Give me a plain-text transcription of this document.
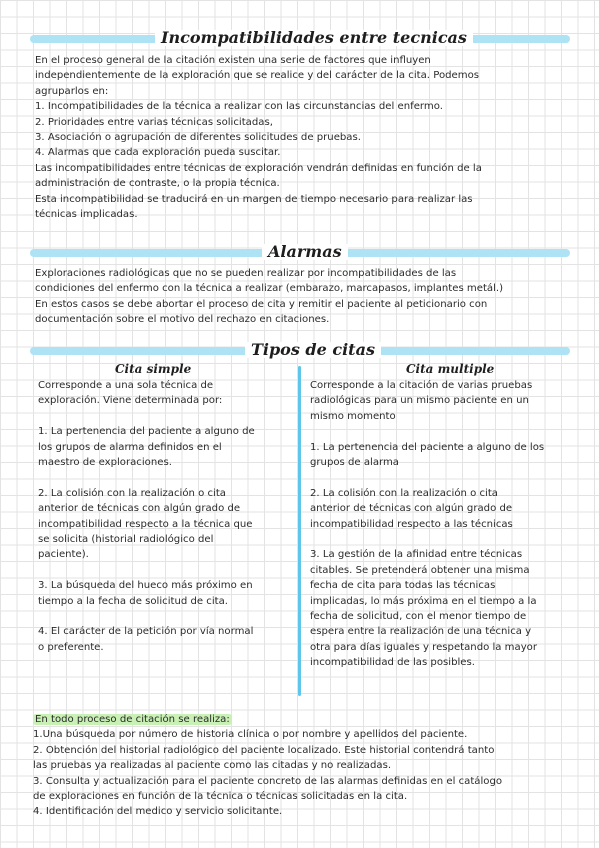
Incompatibilidades entre tecnicas
En el proceso general de la citación existen una serie de factores que influyen
independientemente de la exploración que se realice y del carácter de la cita. Podemos
agruparlos en:
1. Incompatibilidades de la técnica a realizar con las circunstancias del enfermo.
2. Prioridades entre varias técnicas solicitadas,
3. Asociación o agrupación de diferentes solicitudes de pruebas.
4. Alarmas que cada exploración pueda suscitar.
Las incompatibilidades entre técnicas de exploración vendrán definidas en función de la
administración de contraste, o la propia técnica.
Esta incompatibilidad se traducirá en un margen de tiempo necesario para realizar las
técnicas implicadas.
Alarmas
Exploraciones radiológicas que no se pueden realizar por incompatibilidades de las
condiciones del enfermo con la técnica a realizar (embarazo, marcapasos, implantes metál.)
En estos casos se debe abortar el proceso de cita y remitir el paciente al peticionario con
documentación sobre el motivo del rechazo en citaciones.
Tipos de citas
Cita simple	Cita multiple
Corresponde a una sola técnica de
exploración. Viene determinada por:
1. La pertenencia del paciente a alguno de
los grupos de alarma definidos en el
maestro de exploraciones.
2. La colisión con la realización o cita
anterior de técnicas con algún grado de
incompatibilidad respecto a la técnica que
se solicita (historial radiológico del
paciente).
3. La búsqueda del hueco más próximo en
tiempo a la fecha de solicitud de cita.
4. El carácter de la petición por vía normal
o preferente.
Corresponde a la citación de varias pruebas
radiológicas para un mismo paciente en un
mismo momento
1. La pertenencia del paciente a alguno de los
grupos de alarma
2. La colisión con la realización o cita
anterior de técnicas con algún grado de
incompatibilidad respecto a las técnicas
3. La gestión de la afinidad entre técnicas
citables. Se pretenderá obtener una misma
fecha de cita para todas las técnicas
implicadas, lo más próxima en el tiempo a la
fecha de solicitud, con el menor tiempo de
espera entre la realización de una técnica y
otra para días iguales y respetando la mayor
incompatibilidad de las posibles.
En todo proceso de citación se realiza:
1.Una búsqueda por número de historia clínica o por nombre y apellidos del paciente.
2. Obtención del historial radiológico del paciente localizado. Este historial contendrá tanto
las pruebas ya realizadas al paciente como las citadas y no realizadas.
3. Consulta y actualización para el paciente concreto de las alarmas definidas en el catálogo
de exploraciones en función de la técnica o técnicas solicitadas en la cita.
4. Identificación del medico y servicio solicitante.
